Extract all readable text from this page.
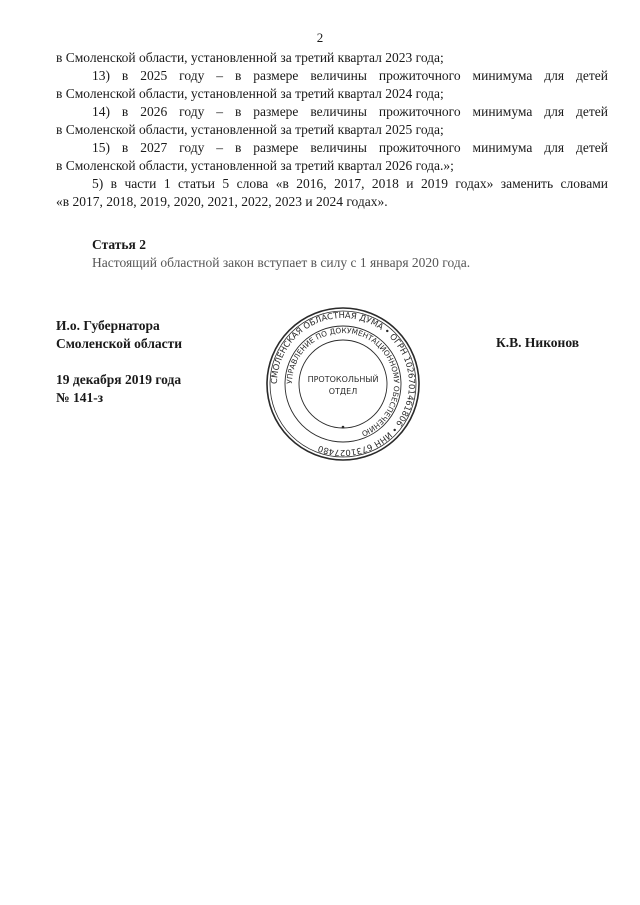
2

в Смоленской области, установленной за третий квартал 2023 года;

13) в 2025 году – в размере величины прожиточного минимума для детей

в Смоленской области, установленной за третий квартал 2024 года;

14) в 2026 году – в размере величины прожиточного минимума для детей

в Смоленской области, установленной за третий квартал 2025 года;

15) в 2027 году – в размере величины прожиточного минимума для детей

в Смоленской области, установленной за третий квартал 2026 года.»;

5) в части 1 статьи 5 слова «в 2016, 2017, 2018 и 2019 годах» заменить словами

«в 2017, 2018, 2019, 2020, 2021, 2022, 2023 и 2024 годах».

Статья 2
Настоящий областной закон вступает в силу с 1 января 2020 года.
И.о. Губернатора
Смоленской области
19 декабря 2019 года
№ 141-з
К.В. Никонов
СМОЛЕНСКАЯ ОБЛАСТНАЯ ДУМА • ОГРН 1026701461806 • ИНН 6731027480
УПРАВЛЕНИЕ ПО ДОКУМЕНТАЦИОННОМУ ОБЕСПЕЧЕНИЮ
ПРОТОКОЛЬНЫЙ
ОТДЕЛ
